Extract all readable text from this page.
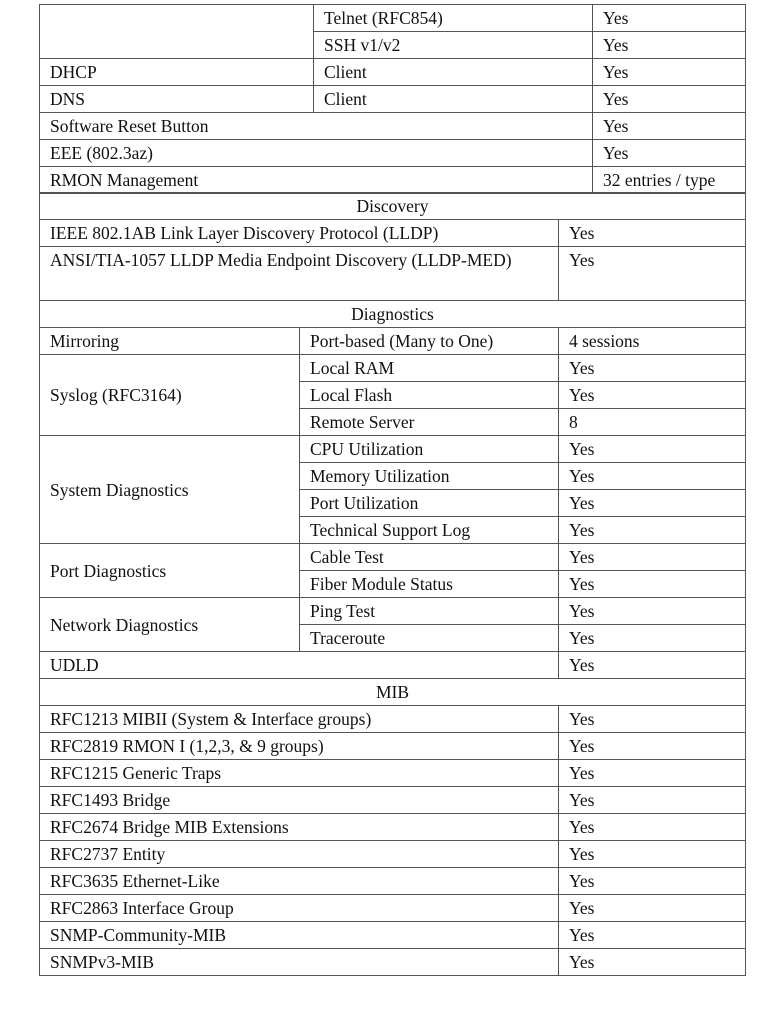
	Telnet (RFC854)	Yes
	SSH v1/v2	Yes
DHCP	Client	Yes
DNS	Client	Yes
Software Reset Button		Yes
EEE (802.3az)		Yes
RMON Management		32 entries / type
Discovery		
IEEE 802.1AB Link Layer Discovery Protocol (LLDP)		Yes
ANSI/TIA-1057 LLDP Media Endpoint Discovery (LLDP-MED)		Yes
Diagnostics		
Mirroring	Port-based (Many to One)	4 sessions
Syslog (RFC3164)	Local RAM	Yes
	Local Flash	Yes
	Remote Server	8
System Diagnostics	CPU Utilization	Yes
	Memory Utilization	Yes
	Port Utilization	Yes
	Technical Support Log	Yes
Port Diagnostics	Cable Test	Yes
	Fiber Module Status	Yes
Network Diagnostics	Ping Test	Yes
	Traceroute	Yes
UDLD		Yes
MIB		
RFC1213 MIBII (System & Interface groups)		Yes
RFC2819 RMON I (1,2,3, & 9 groups)		Yes
RFC1215 Generic Traps		Yes
RFC1493 Bridge		Yes
RFC2674 Bridge MIB Extensions		Yes
RFC2737 Entity		Yes
RFC3635 Ethernet-Like		Yes
RFC2863 Interface Group		Yes
SNMP-Community-MIB		Yes
SNMPv3-MIB		Yes
